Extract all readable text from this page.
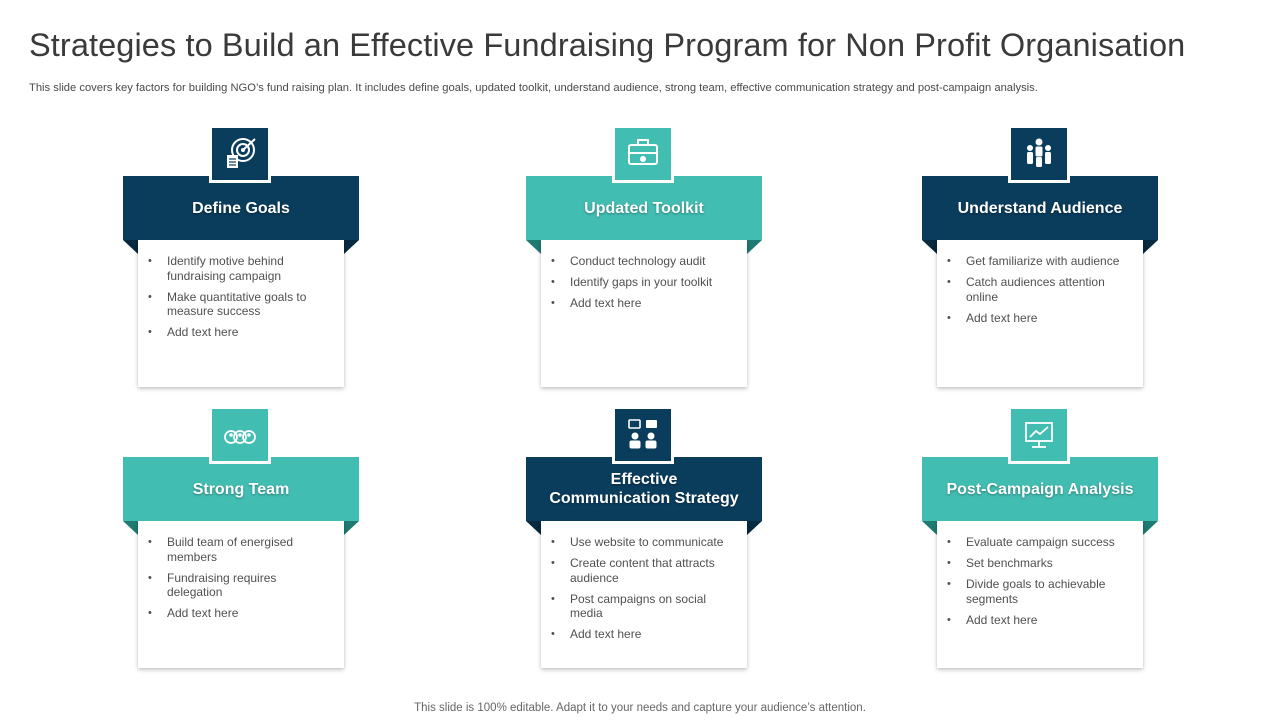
Strategies to Build an Effective Fundraising Program for Non Profit Organisation
This slide covers key factors for building NGO’s fund raising plan. It includes define goals, updated toolkit, understand audience, strong team, effective communication strategy and post-campaign analysis.
Define Goals
• Identify motive behind fundraising campaign
• Make quantitative goals to measure success
• Add text here
Updated Toolkit
• Conduct technology audit
• Identify gaps in your toolkit
• Add text here
Understand Audience
• Get familiarize with audience
• Catch audiences attention online
• Add text here
Strong Team
• Build team of energised members
• Fundraising requires delegation
• Add text here
Effective
Communication Strategy
• Use website to communicate
• Create content that attracts audience
• Post campaigns on social media
• Add text here
Post-Campaign Analysis
• Evaluate campaign success
• Set benchmarks
• Divide goals to achievable segments
• Add text here
This slide is 100% editable. Adapt it to your needs and capture your audience’s attention.
